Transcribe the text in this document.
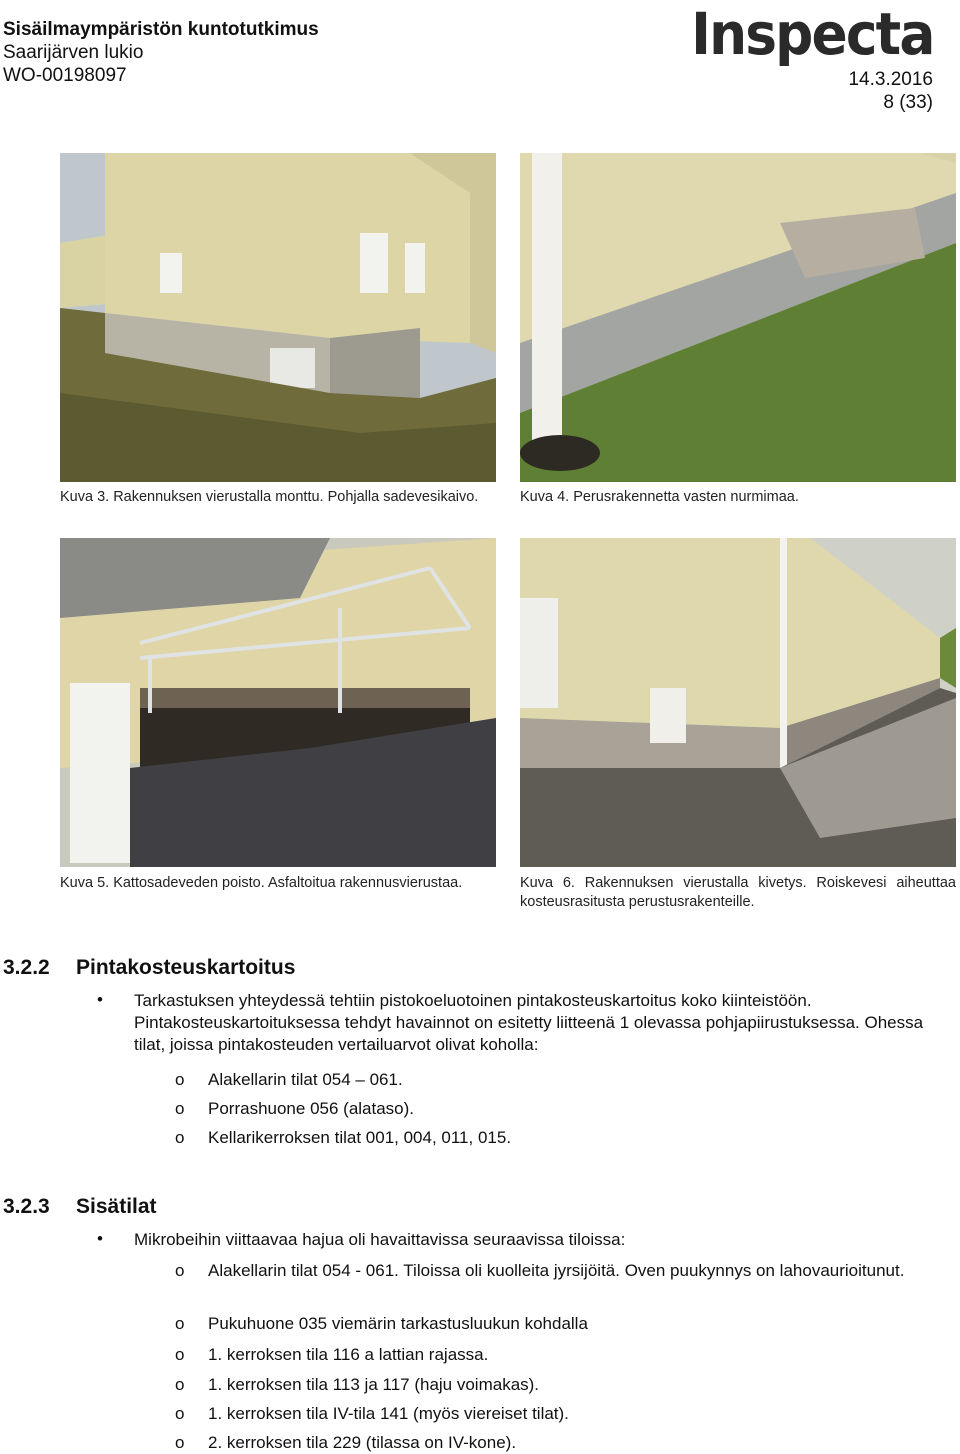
Sisäilmaympäristön kuntotutkimus
Saarijärven lukio
WO-00198097
Inspecta
14.3.2016
8 (33)
Kuva 3. Rakennuksen vierustalla monttu. Pohjalla sadevesikaivo.	Kuva 4. Perusrakennetta vasten nurmimaa.
Kuva 5. Kattosadeveden poisto. Asfaltoitua rakennusvierustaa.	Kuva 6. Rakennuksen vierustalla kivetys. Roiskevesi aiheuttaa kosteusrasitusta perustusrakenteille.
3.2.2 Pintakosteuskartoitus
• Tarkastuksen yhteydessä tehtiin pistokoeluotoinen pintakosteuskartoitus koko kiinteistöön. Pintakosteuskartoituksessa tehdyt havainnot on esitetty liitteenä 1 olevassa pohjapiirustuksessa. Ohessa tilat, joissa pintakosteuden vertailuarvot olivat koholla:
o Alakellarin tilat 054 – 061.
o Porrashuone 056 (alataso).
o Kellarikerroksen tilat 001, 004, 011, 015.
3.2.3 Sisätilat
• Mikrobeihin viittaavaa hajua oli havaittavissa seuraavissa tiloissa:
o Alakellarin tilat 054 - 061. Tiloissa oli kuolleita jyrsijöitä. Oven puukynnys on lahovaurioitunut.
o Pukuhuone 035 viemärin tarkastusluukun kohdalla
o 1. kerroksen tila 116 a lattian rajassa.
o 1. kerroksen tila 113 ja 117 (haju voimakas).
o 1. kerroksen tila IV-tila 141 (myös viereiset tilat).
o 2. kerroksen tila 229 (tilassa on IV-kone).
